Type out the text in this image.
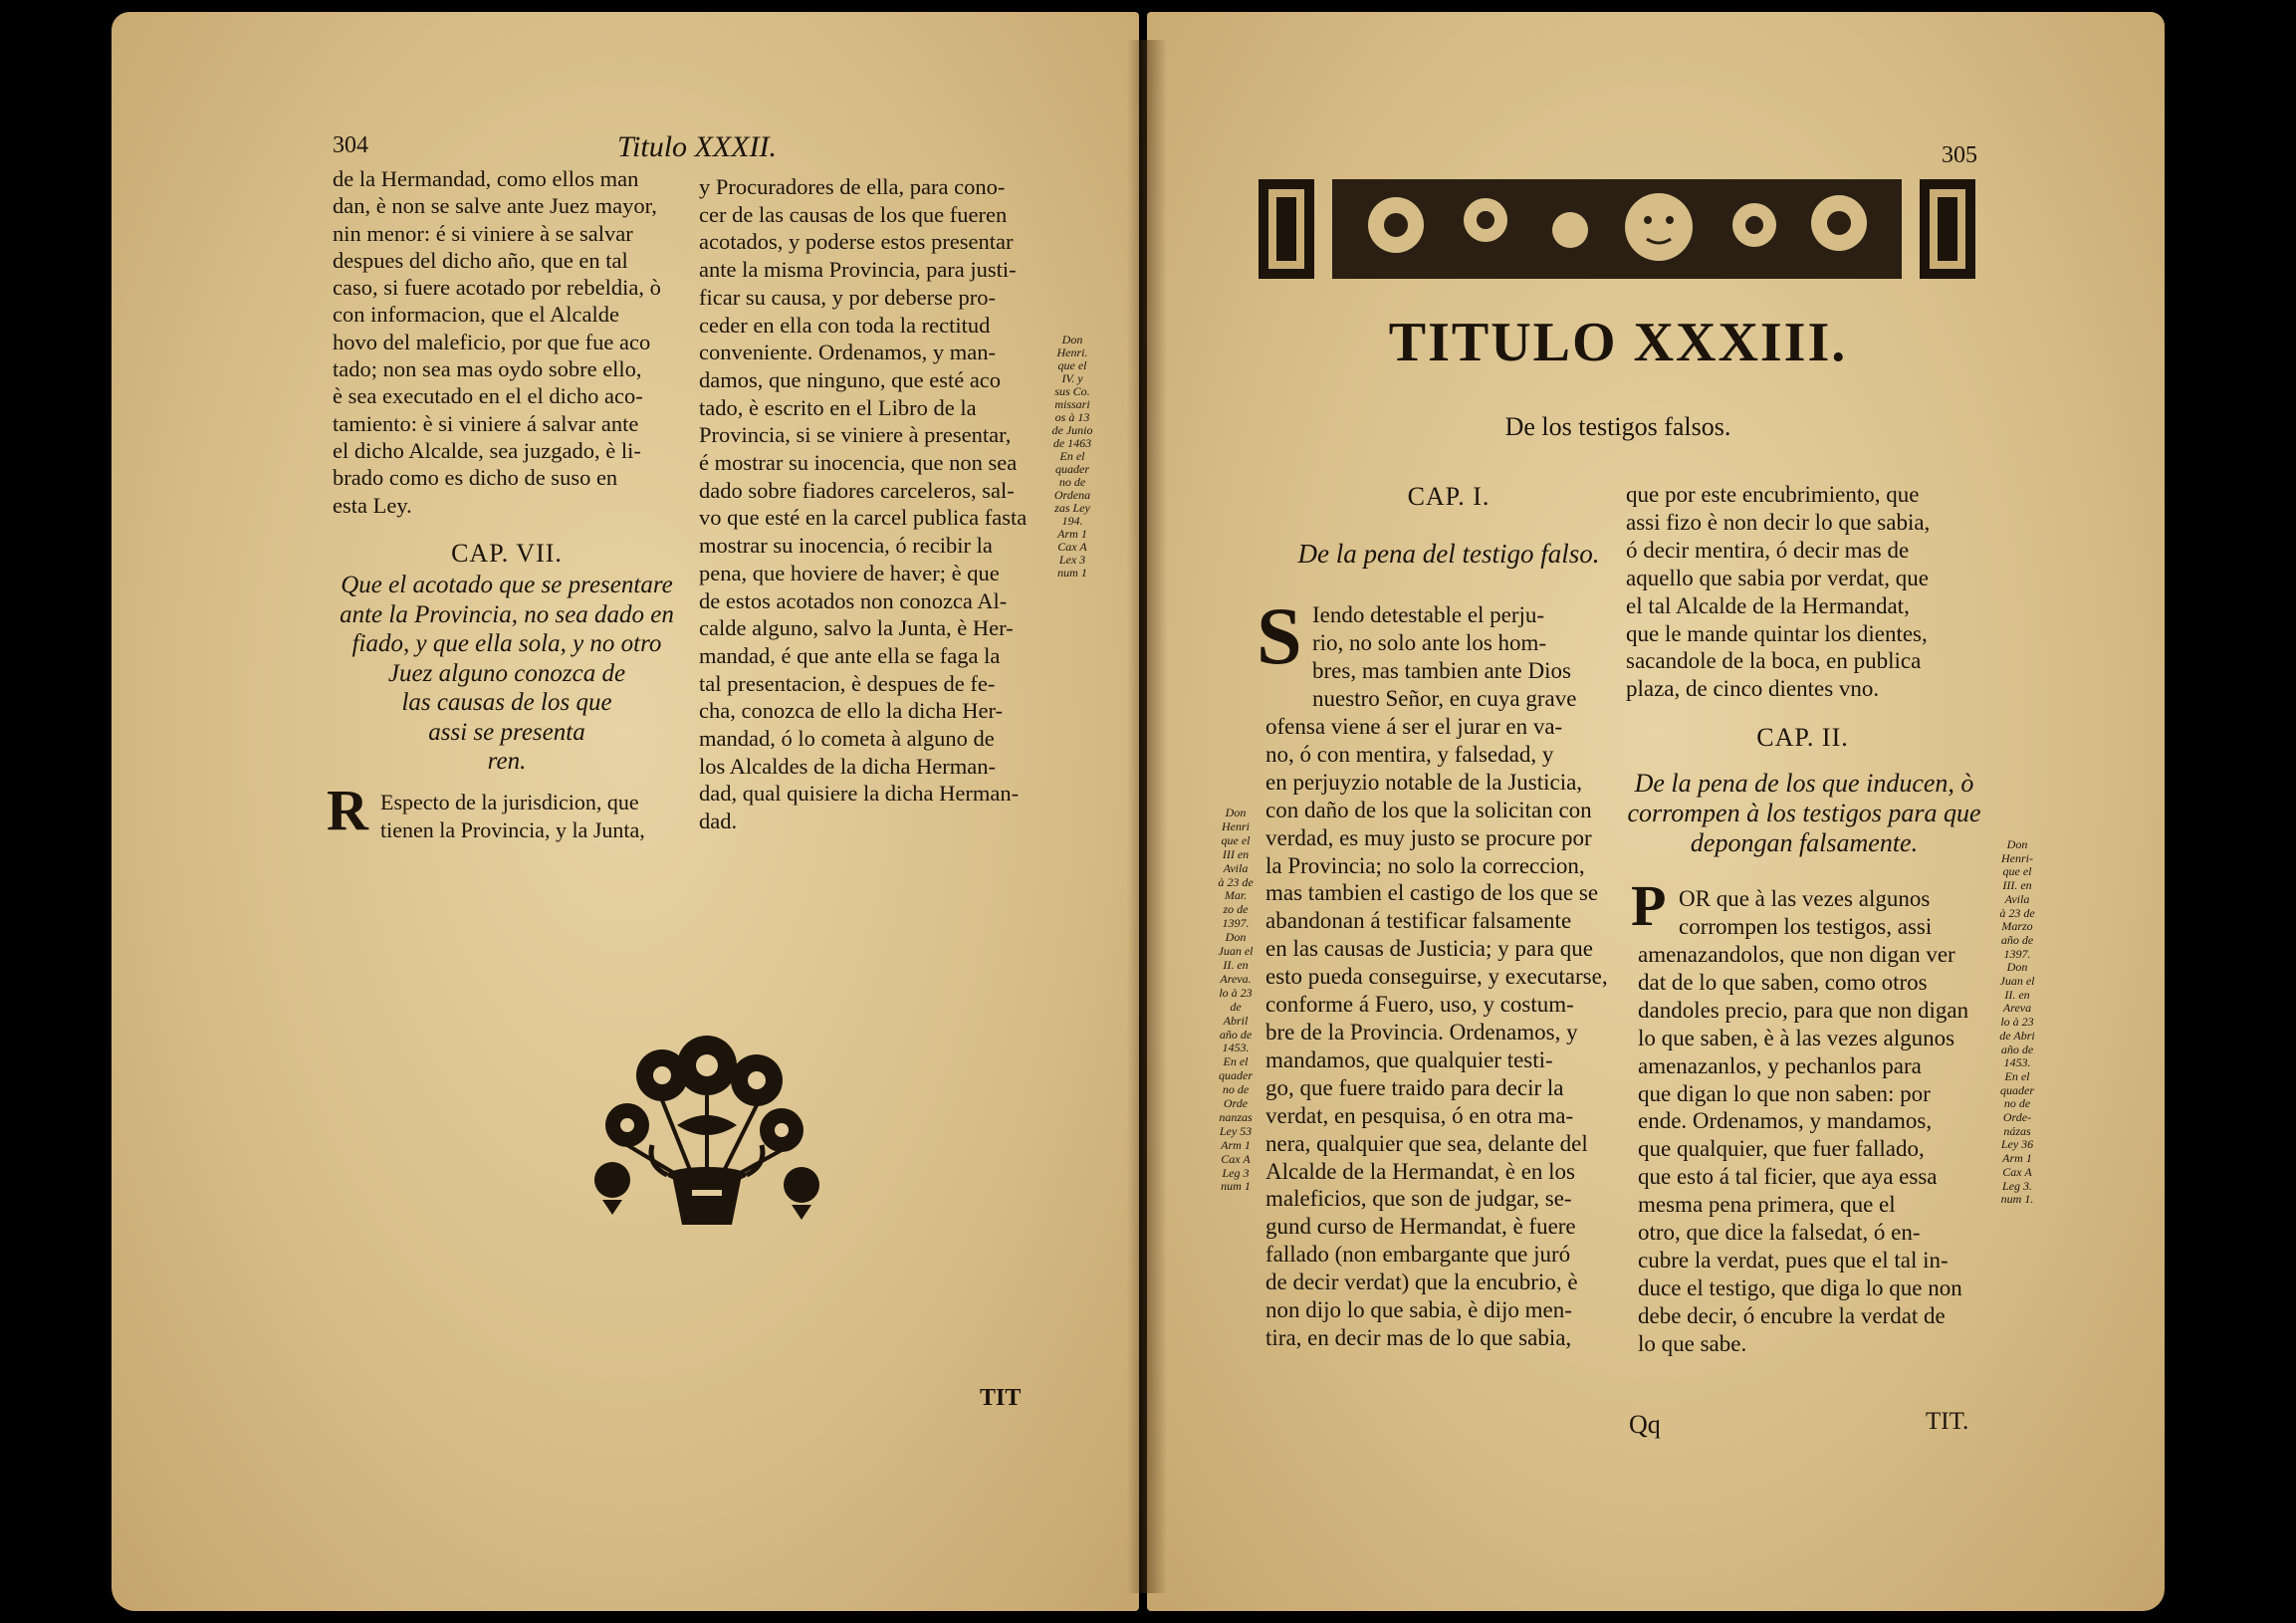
304	Titulo XXXII.
de la Hermandad, como ellos man
dan, è non se salve ante Juez mayor,
nin menor: é si viniere à se salvar
despues del dicho año, que en tal
caso, si fuere acotado por rebeldia, ò
con informacion, que el Alcalde
hovo del maleficio, por que fue aco
tado; non sea mas oydo sobre ello,
è sea executado en el el dicho aco-
tamiento: è si viniere á salvar ante
el dicho Alcalde, sea juzgado, è li-
brado como es dicho de suso en
esta Ley.
CAP. VII.
Que el acotado que se presentare
ante la Provincia, no sea dado en
fiado, y que ella sola, y no otro
Juez alguno conozca de
las causas de los que
assi se presenta
ren.
R Especto de la jurisdicion, que
tienen la Provincia, y la Junta,
y Procuradores de ella, para cono-
cer de las causas de los que fueren
acotados, y poderse estos presentar
ante la misma Provincia, para justi-
ficar su causa, y por deberse pro-
ceder en ella con toda la rectitud
conveniente. Ordenamos, y man-
damos, que ninguno, que esté aco
tado, è escrito en el Libro de la
Provincia, si se viniere à presentar,
é mostrar su inocencia, que non sea
dado sobre fiadores carceleros, sal-
vo que esté en la carcel publica fasta
mostrar su inocencia, ó recibir la
pena, que hoviere de haver; è que
de estos acotados non conozca Al-
calde alguno, salvo la Junta, è Her-
mandad, é que ante ella se faga la
tal presentacion, è despues de fe-
cha, conozca de ello la dicha Her-
mandad, ó lo cometa à alguno de
los Alcaldes de la dicha Herman-
dad, qual quisiere la dicha Herman-
dad.
Don
Henri.
que el
IV. y
sus Co.
missari
os à 13
de Junio
de 1463
En el
quader
no de
Ordena
zas Ley
194.
Arm 1
Cax A
Lex 3
num 1
TIT
305
TITULO XXXIII.
De los testigos falsos.
CAP. I.
De la pena del testigo falso.
S Iendo detestable el perju-
rio, no solo ante los hom-
bres, mas tambien ante Dios
nuestro Señor, en cuya grave
ofensa viene á ser el jurar en va-
no, ó con mentira, y falsedad, y
en perjuyzio notable de la Justicia,
con daño de los que la solicitan con
verdad, es muy justo se procure por
la Provincia; no solo la correccion,
mas tambien el castigo de los que se
abandonan á testificar falsamente
en las causas de Justicia; y para que
esto pueda conseguirse, y executarse,
conforme á Fuero, uso, y costum-
bre de la Provincia. Ordenamos, y
mandamos, que qualquier testi-
go, que fuere traido para decir la
verdat, en pesquisa, ó en otra ma-
nera, qualquier que sea, delante del
Alcalde de la Hermandat, è en los
maleficios, que son de judgar, se-
gund curso de Hermandat, è fuere
fallado (non embargante que juró
de decir verdat) que la encubrio, è
non dijo lo que sabia, è dijo men-
tira, en decir mas de lo que sabia,
Don
Henri
que el
III en
Avila
à 23 de
Mar.
zo de
1397.
Don
Juan el
II. en
Areva.
lo à 23
de
Abril
año de
1453.
En el
quader
no de
Orde
nanzas
Ley 53
Arm 1
Cax A
Leg 3
num 1
que por este encubrimiento, que
assi fizo è non decir lo que sabia,
ó decir mentira, ó decir mas de
aquello que sabia por verdat, que
el tal Alcalde de la Hermandat,
que le mande quintar los dientes,
sacandole de la boca, en publica
plaza, de cinco dientes vno.
CAP. II.
De la pena de los que inducen, ò
corrompen à los testigos para que
depongan falsamente.
P OR que à las vezes algunos
corrompen los testigos, assi
amenazandolos, que non digan ver
dat de lo que saben, como otros
dandoles precio, para que non digan
lo que saben, è à las vezes algunos
amenazanlos, y pechanlos para
que digan lo que non saben: por
ende. Ordenamos, y mandamos,
que qualquier, que fuer fallado,
que esto á tal ficier, que aya essa
mesma pena primera, que el
otro, que dice la falsedat, ó en-
cubre la verdat, pues que el tal in-
duce el testigo, que diga lo que non
debe decir, ó encubre la verdat de
lo que sabe.
Don
Henri-
que el
III. en
Avila
à 23 de
Marzo
año de
1397.
Don
Juan el
II. en
Areva
lo à 23
de Abri
año de
1453.
En el
quader
no de
Orde-
názas
Ley 36
Arm 1
Cax A
Leg 3.
num 1.
Qq	TIT.
